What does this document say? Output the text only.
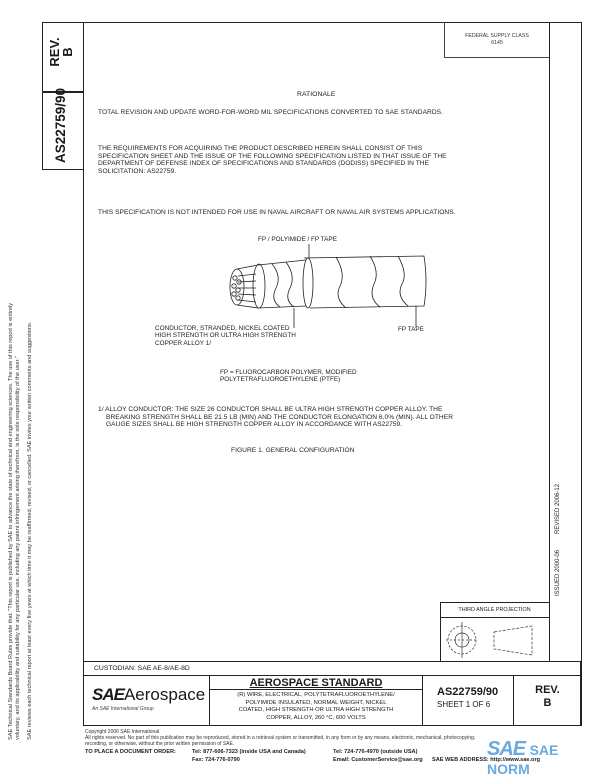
REV.
B
AS22759/90
SAE Technical Standards Board Rules provide that: "This report is published by SAE to advance the state of technical and engineering sciences. The use of this report is entirely voluntary, and its applicability and suitability for any particular use, including any patent infringement arising therefrom, is the sole responsibility of the user." SAE reviews each technical report at least every five years at which time it may be reaffirmed, revised, or cancelled. SAE invites your written comments and suggestions.
FEDERAL SUPPLY CLASS
6145
RATIONALE
TOTAL REVISION AND UPDATE WORD-FOR-WORD MIL SPECIFICATIONS CONVERTED TO SAE STANDARDS.
THE REQUIREMENTS FOR ACQUIRING THE PRODUCT DESCRIBED HEREIN SHALL CONSIST OF THIS
SPECIFICATION SHEET AND THE ISSUE OF THE FOLLOWING SPECIFICATION LISTED IN THAT ISSUE OF THE
DEPARTMENT OF DEFENSE INDEX OF SPECIFICATIONS AND STANDARDS (DODISS) SPECIFIED IN THE
SOLICITATION: AS22759.
THIS SPECIFICATION IS NOT INTENDED FOR USE IN NAVAL AIRCRAFT OR NAVAL AIR SYSTEMS APPLICATIONS.
FP / POLYIMIDE / FP TAPE
CONDUCTOR, STRANDED, NICKEL COATED
HIGH STRENGTH OR ULTRA HIGH STRENGTH
COPPER ALLOY 1/
FP TAPE
FP = FLUOROCARBON POLYMER, MODIFIED
POLYTETRAFLUOROETHYLENE (PTFE)
1/ ALLOY CONDUCTOR: THE SIZE 26 CONDUCTOR SHALL BE ULTRA HIGH STRENGTH COPPER ALLOY. THE
BREAKING STRENGTH SHALL BE 21.5 LB (MIN) AND THE CONDUCTOR ELONGATION 6.0% (MIN). ALL OTHER
GAUGE SIZES SHALL BE HIGH STRENGTH COPPER ALLOY IN ACCORDANCE WITH AS22759.
FIGURE 1. GENERAL CONFIGURATION
ISSUED 2000-06
REVISED 2006-12
THIRD ANGLE PROJECTION
CUSTODIAN: SAE AE-8/AE-8D
SAEAerospace
An SAE International Group
AEROSPACE STANDARD
(R) WIRE, ELECTRICAL, POLYTETRAFLUOROETHYLENE/
POLYIMIDE INSULATED, NORMAL WEIGHT, NICKEL
COATED, HIGH STRENGTH OR ULTRA HIGH STRENGTH
COPPER, ALLOY, 260 °C, 600 VOLTS
AS22759/90
SHEET 1 OF 6
REV.
B
Copyright 2006 SAE International
All rights reserved. No part of this publication may be reproduced, stored in a retrieval system or transmitted, in any form or by any means, electronic, mechanical, photocopying,
recording, or otherwise, without the prior written permission of SAE.
TO PLACE A DOCUMENT ORDER:	Tel: 877-606-7323 (inside USA and Canada)
Fax: 724-776-0790
Tel: 724-776-4970 (outside USA)
Email: CustomerService@sae.org SAE WEB ADDRESS: http://www.sae.org
SAE SAE NORM
